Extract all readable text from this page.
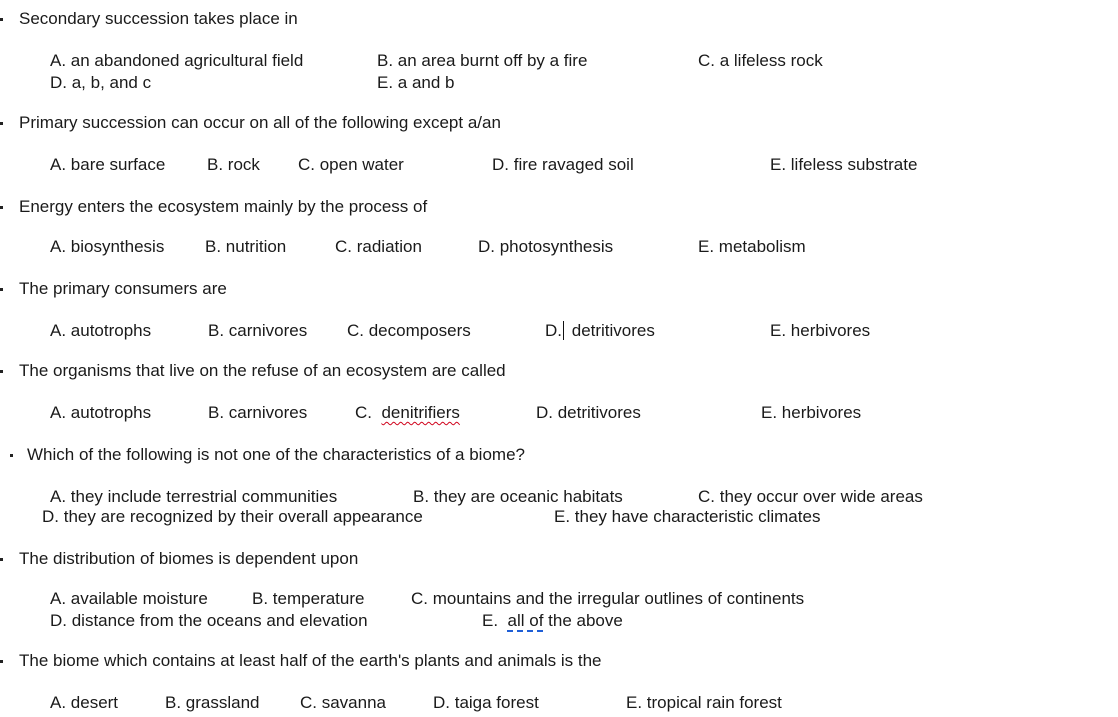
Secondary succession takes place in
A. an abandoned agricultural field	B. an area burnt off by a fire	C. a lifeless rock
D. a, b, and c	E. a and b
Primary succession can occur on all of the following except a/an
A. bare surface B. rock C. open water	D. fire ravaged soil	E. lifeless substrate
Energy enters the ecosystem mainly by the process of
A. biosynthesis B. nutrition	C. radiation	D. photosynthesis	E. metabolism
The primary consumers are
A. autotrophs	B. carnivores C. decomposers	D. detritivores	E. herbivores
The organisms that live on the refuse of an ecosystem are called
A. autotrophs	B. carnivores	C. denitrifiers	D. detritivores	E. herbivores
Which of the following is not one of the characteristics of a biome?
A. they include terrestrial communities	B. they are oceanic habitats	C. they occur over wide areas
D. they are recognized by their overall appearance	E. they have characteristic climates
The distribution of biomes is dependent upon
A. available moisture	B. temperature	C. mountains and the irregular outlines of continents
D. distance from the oceans and elevation	E. all of the above
The biome which contains at least half of the earth's plants and animals is the
A. desert	B. grassland C. savanna	D. taiga forest	E. tropical rain forest
